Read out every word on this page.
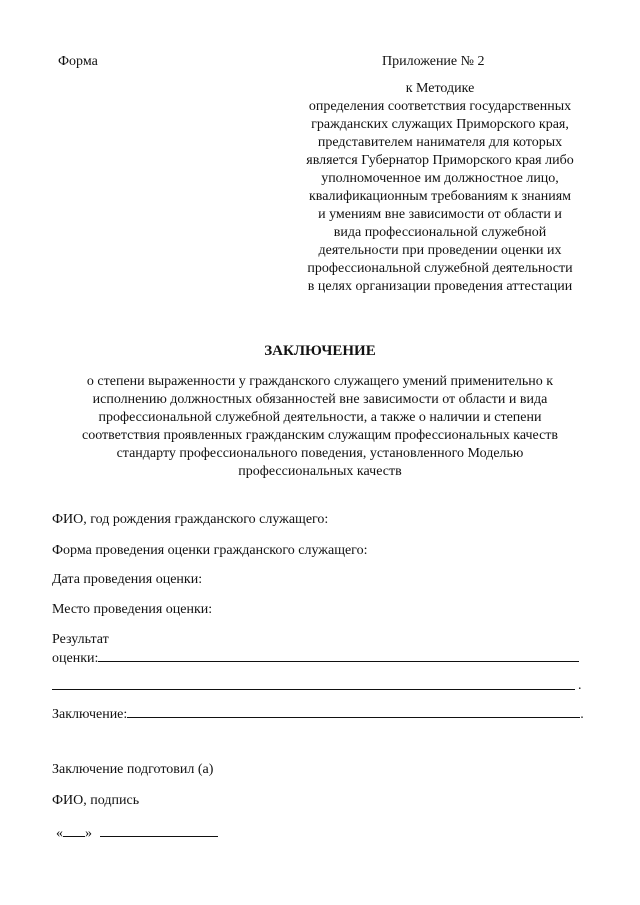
Форма	Приложение № 2
к Методике
определения соответствия государственных
гражданских служащих Приморского края,
представителем нанимателя для которых
является Губернатор Приморского края либо
уполномоченное им должностное лицо,
квалификационным требованиям к знаниям
и умениям вне зависимости от области и
вида профессиональной служебной
деятельности при проведении оценки их
профессиональной служебной деятельности
в целях организации проведения аттестации
ЗАКЛЮЧЕНИЕ
о степени выраженности у гражданского служащего умений применительно к
исполнению должностных обязанностей вне зависимости от области и вида
профессиональной служебной деятельности, а также о наличии и степени
соответствия проявленных гражданским служащим профессиональных качеств
стандарту профессионального поведения, установленного Моделью
профессиональных качеств
ФИО, год рождения гражданского служащего:
Форма проведения оценки гражданского служащего:
Дата проведения оценки:
Место проведения оценки:
Результат
оценки:
.
Заключение:	.
Заключение подготовил (а)
ФИО, подпись
« »
